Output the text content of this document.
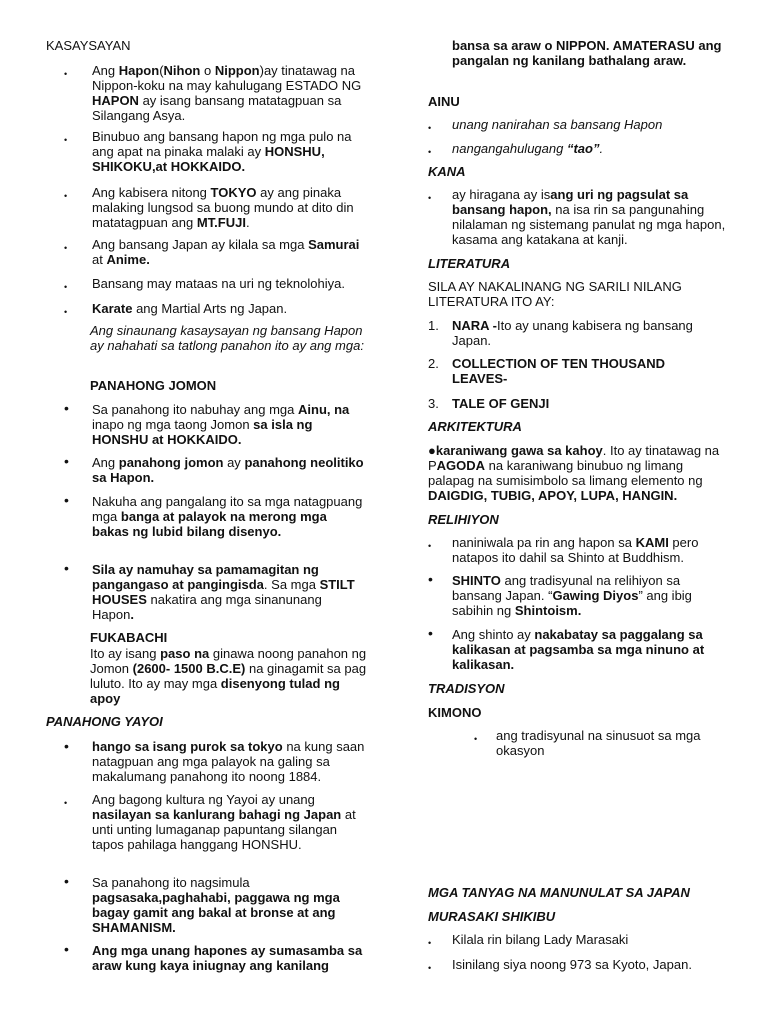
KASAYSAYAN
• Ang Hapon(Nihon o Nippon)ay tinatawag na Nippon-koku na may kahulugang ESTADO NG HAPON ay isang bansang matatagpuan sa Silangang Asya.

• Binubuo ang bansang hapon ng mga pulo na ang apat na pinaka malaki ay HONSHU, SHIKOKU,at HOKKAIDO.

• Ang kabisera nitong TOKYO ay ang pinaka malaking lungsod sa buong mundo at dito din matatagpuan ang MT.FUJI.

• Ang bansang Japan ay kilala sa mga Samurai at Anime.

• Bansang may mataas na uri ng teknolohiya.

• Karate ang Martial Arts ng Japan.

Ang sinaunang kasaysayan ng bansang Hapon ay nahahati sa tatlong panahon ito ay ang mga:

PANAHONG JOMON
• Sa panahong ito nabuhay ang mga Ainu, na inapo ng mga taong Jomon sa isla ng HONSHU at HOKKAIDO.

• Ang panahong jomon ay panahong neolitiko sa Hapon.

• Nakuha ang pangalang ito sa mga natagpuang mga banga at palayok na merong mga bakas ng lubid bilang disenyo.

• Sila ay namuhay sa pamamagitan ng pangangaso at pangingisda. Sa mga STILT HOUSES nakatira ang mga sinanunang Hapon.

FUKABACHI

Ito ay isang paso na ginawa noong panahon ng Jomon (2600- 1500 B.C.E) na ginagamit sa pag luluto. Ito ay may mga disenyong tulad ng apoy

PANAHONG YAYOI
• hango sa isang purok sa tokyo na kung saan natagpuan ang mga palayok na galing sa makalumang panahong ito noong 1884.

• Ang bagong kultura ng Yayoi ay unang nasilayan sa kanlurang bahagi ng Japan at unti unting lumaganap papuntang silangan tapos pahilaga hanggang HONSHU.

• Sa panahong ito nagsimula pagsasaka,paghahabi, paggawa ng mga bagay gamit ang bakal at bronse at ang SHAMANISM.

• Ang mga unang hapones ay sumasamba sa araw kung kaya iniugnay ang kanilang

bansa sa araw o NIPPON. AMATERASU ang pangalan ng kanilang bathalang araw.

AINU
• unang nanirahan sa bansang Hapon

• nangangahulugang “tao”.

KANA
• ay hiragana ay isang uri ng pagsulat sa bansang hapon, na isa rin sa pangunahing nilalaman ng sistemang panulat ng mga hapon, kasama ang katakana at kanji.

LITERATURA

SILA AY NAKALINANG NG SARILI NILANG LITERATURA ITO AY:

1. NARA -Ito ay unang kabisera ng bansang Japan.

2. COLLECTION OF TEN THOUSAND LEAVES-

3. TALE OF GENJI

ARKITEKTURA

●karaniwang gawa sa kahoy. Ito ay tinatawag na PAGODA na karaniwang binubuo ng limang palapag na sumisimbolo sa limang elemento ng DAIGDIG, TUBIG, APOY, LUPA, HANGIN.

RELIHIYON
• naniniwala pa rin ang hapon sa KAMI pero natapos ito dahil sa Shinto at Buddhism.

• SHINTO ang tradisyunal na relihiyon sa bansang Japan. “Gawing Diyos” ang ibig sabihin ng Shintoism.

• Ang shinto ay nakabatay sa paggalang sa kalikasan at pagsamba sa mga ninuno at kalikasan.

TRADISYON
KIMONO
• ang tradisyunal na sinusuot sa mga okasyon

MGA TANYAG NA MANUNULAT SA JAPAN
MURASAKI SHIKIBU
• Kilala rin bilang Lady Marasaki

• Isinilang siya noong 973 sa Kyoto, Japan.
